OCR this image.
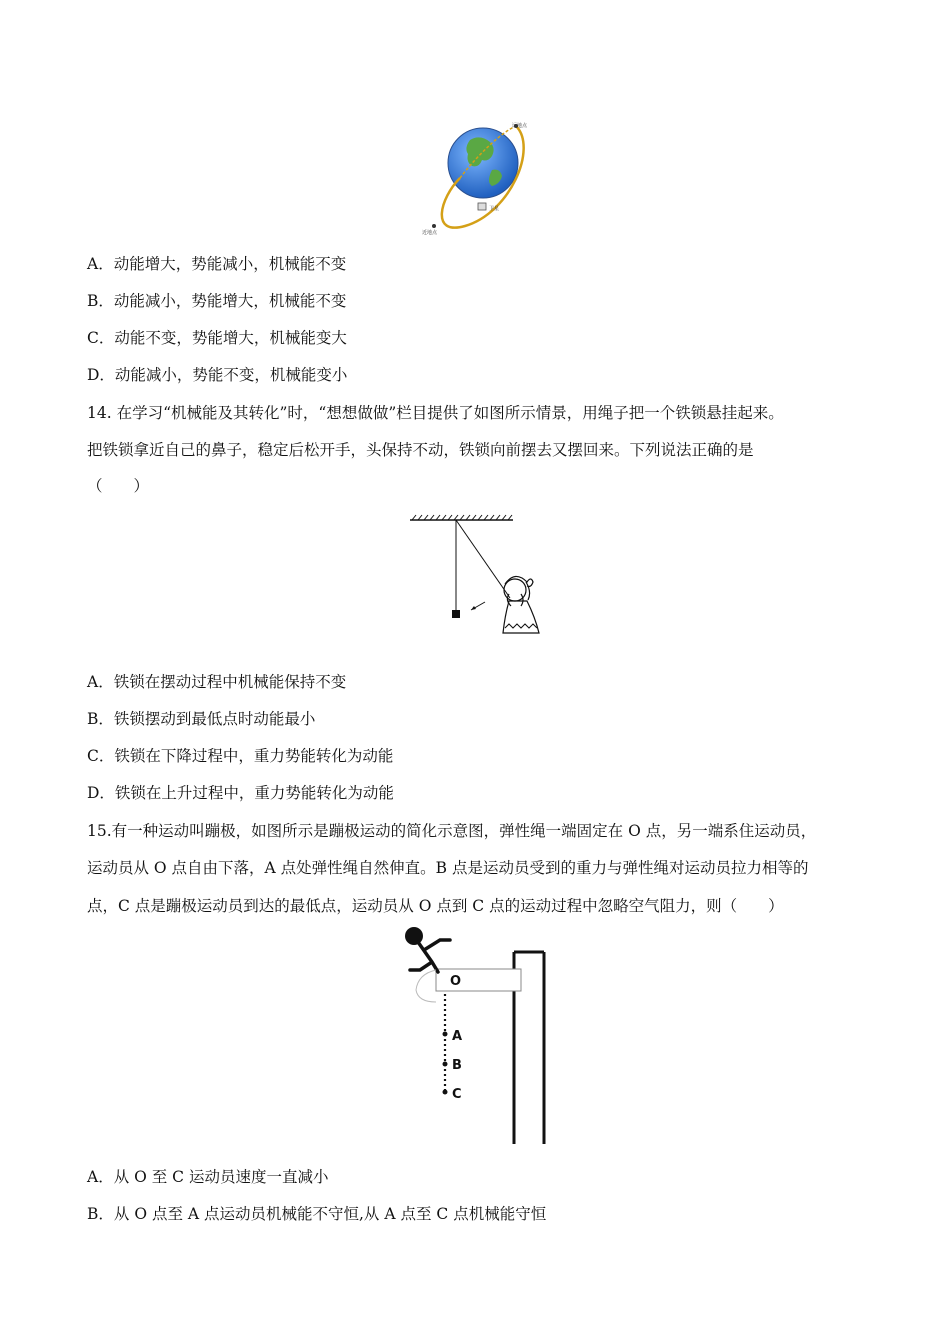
远地点
近地点
卫星
A．动能增大，势能减小，机械能不变
B．动能减小，势能增大，机械能不变
C．动能不变，势能增大，机械能变大
D．动能减小，势能不变，机械能变小
14. 在学习“机械能及其转化”时，“想想做做”栏目提供了如图所示情景，用绳子把一个铁锁悬挂起来。
把铁锁拿近自己的鼻子，稳定后松开手，头保持不动，铁锁向前摆去又摆回来。下列说法正确的是
（　　）
A．铁锁在摆动过程中机械能保持不变
B．铁锁摆动到最低点时动能最小
C．铁锁在下降过程中，重力势能转化为动能
D．铁锁在上升过程中，重力势能转化为动能
15.有一种运动叫蹦极，如图所示是蹦极运动的简化示意图，弹性绳一端固定在 O 点，另一端系住运动员，
运动员从 O 点自由下落，A 点处弹性绳自然伸直。B 点是运动员受到的重力与弹性绳对运动员拉力相等的
点，C 点是蹦极运动员到达的最低点，运动员从 O 点到 C 点的运动过程中忽略空气阻力，则（　　）
O
A
B
C
A．从 O 至 C 运动员速度一直减小
B．从 O 点至 A 点运动员机械能不守恒,从 A 点至 C 点机械能守恒
